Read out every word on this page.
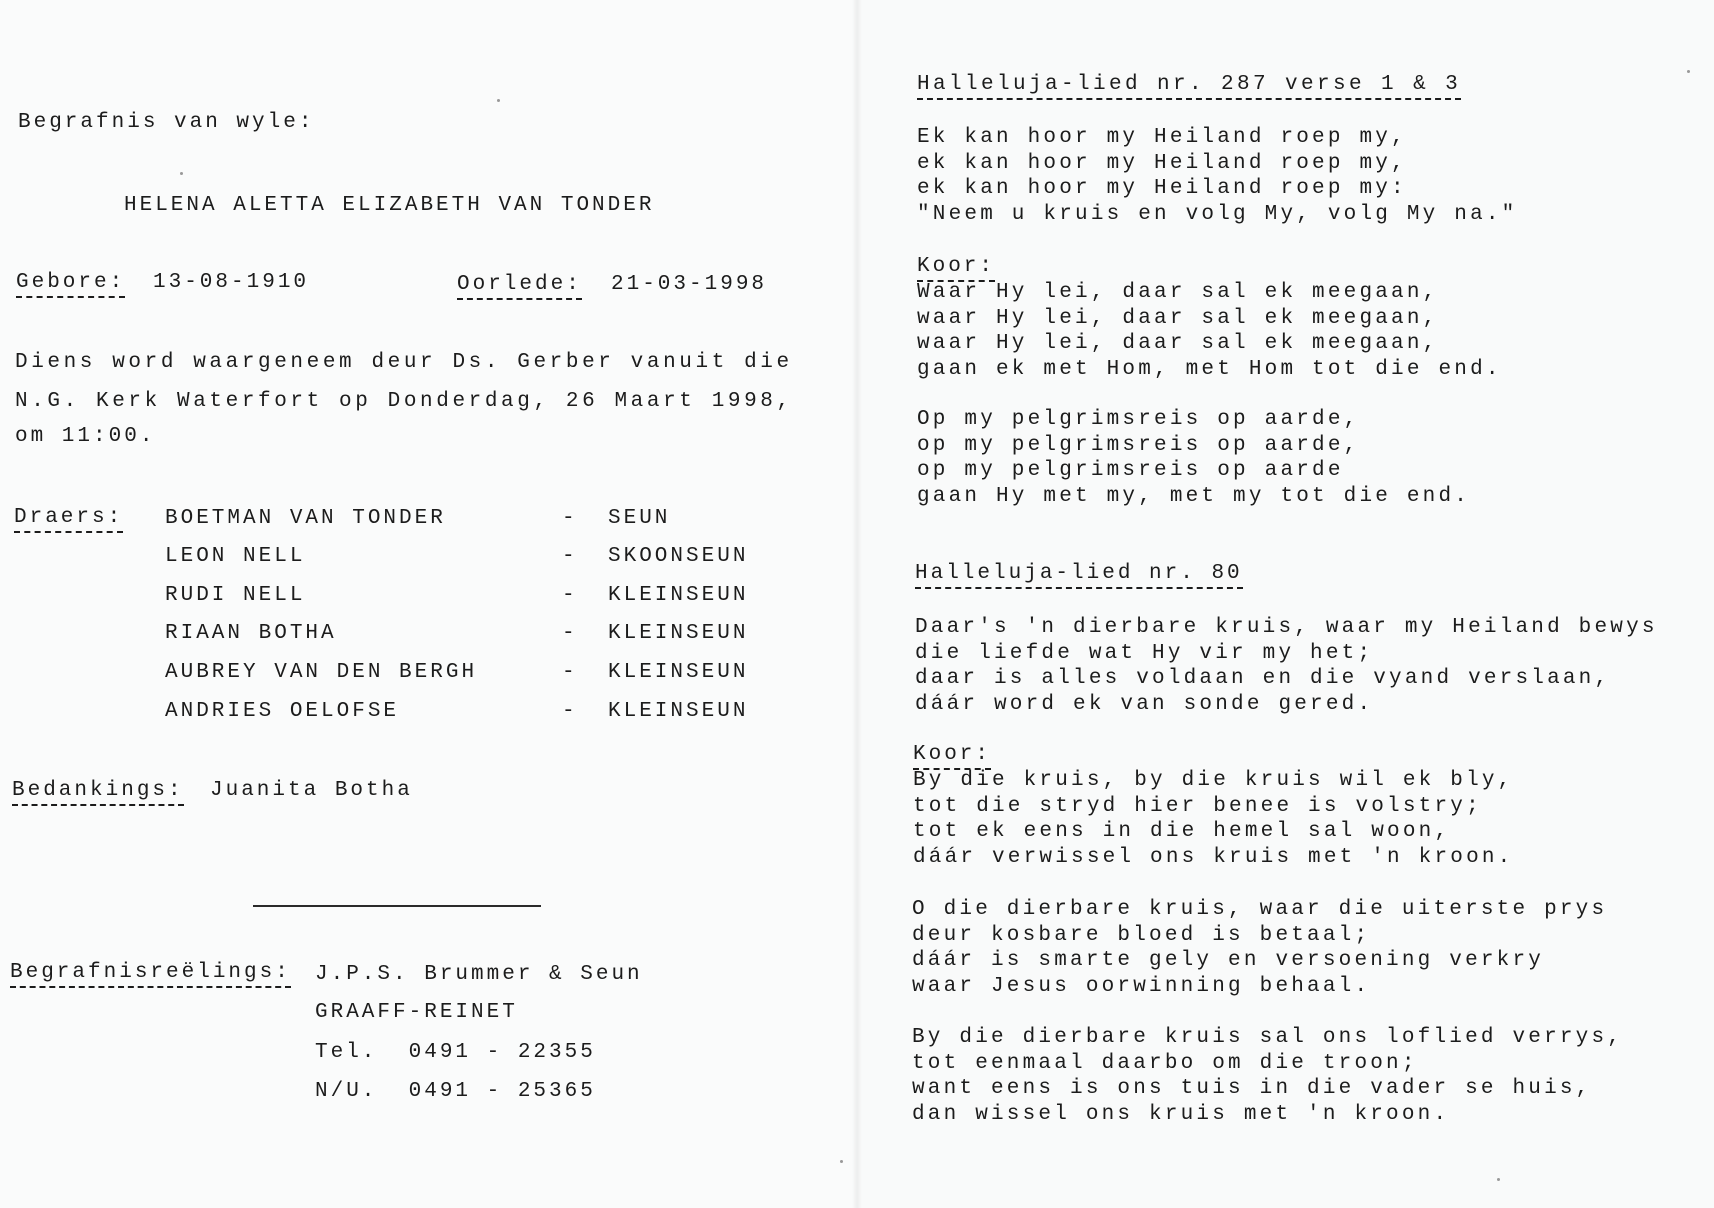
Begrafnis van wyle:
HELENA ALETTA ELIZABETH VAN TONDER
Gebore: 13-08-1910	Oorlede: 21-03-1998
Diens word waargeneem deur Ds. Gerber vanuit die
N.G. Kerk Waterfort op Donderdag, 26 Maart 1998,
om 11:00.
Draers: BOETMAN VAN TONDER	- SEUN
LEON NELL	- SKOONSEUN
RUDI NELL	- KLEINSEUN
RIAAN BOTHA	- KLEINSEUN
AUBREY VAN DEN BERGH	- KLEINSEUN
ANDRIES OELOFSE	- KLEINSEUN
Bedankings: Juanita Botha
Begrafnisreëlings: J.P.S. Brummer & Seun
GRAAFF-REINET
Tel.  0491 - 22355
N/U.  0491 - 25365
Halleluja-lied nr. 287 verse 1 & 3
Ek kan hoor my Heiland roep my,
ek kan hoor my Heiland roep my,
ek kan hoor my Heiland roep my:
"Neem u kruis en volg My, volg My na."
Koor:
Waar Hy lei, daar sal ek meegaan,
waar Hy lei, daar sal ek meegaan,
waar Hy lei, daar sal ek meegaan,
gaan ek met Hom, met Hom tot die end.
Op my pelgrimsreis op aarde,
op my pelgrimsreis op aarde,
op my pelgrimsreis op aarde
gaan Hy met my, met my tot die end.
Halleluja-lied nr. 80
Daar's 'n dierbare kruis, waar my Heiland bewys
die liefde wat Hy vir my het;
daar is alles voldaan en die vyand verslaan,
dáár word ek van sonde gered.
Koor:
By die kruis, by die kruis wil ek bly,
tot die stryd hier benee is volstry;
tot ek eens in die hemel sal woon,
dáár verwissel ons kruis met 'n kroon.
O die dierbare kruis, waar die uiterste prys
deur kosbare bloed is betaal;
dáár is smarte gely en versoening verkry
waar Jesus oorwinning behaal.
By die dierbare kruis sal ons loflied verrys,
tot eenmaal daarbo om die troon;
want eens is ons tuis in die vader se huis,
dan wissel ons kruis met 'n kroon.
